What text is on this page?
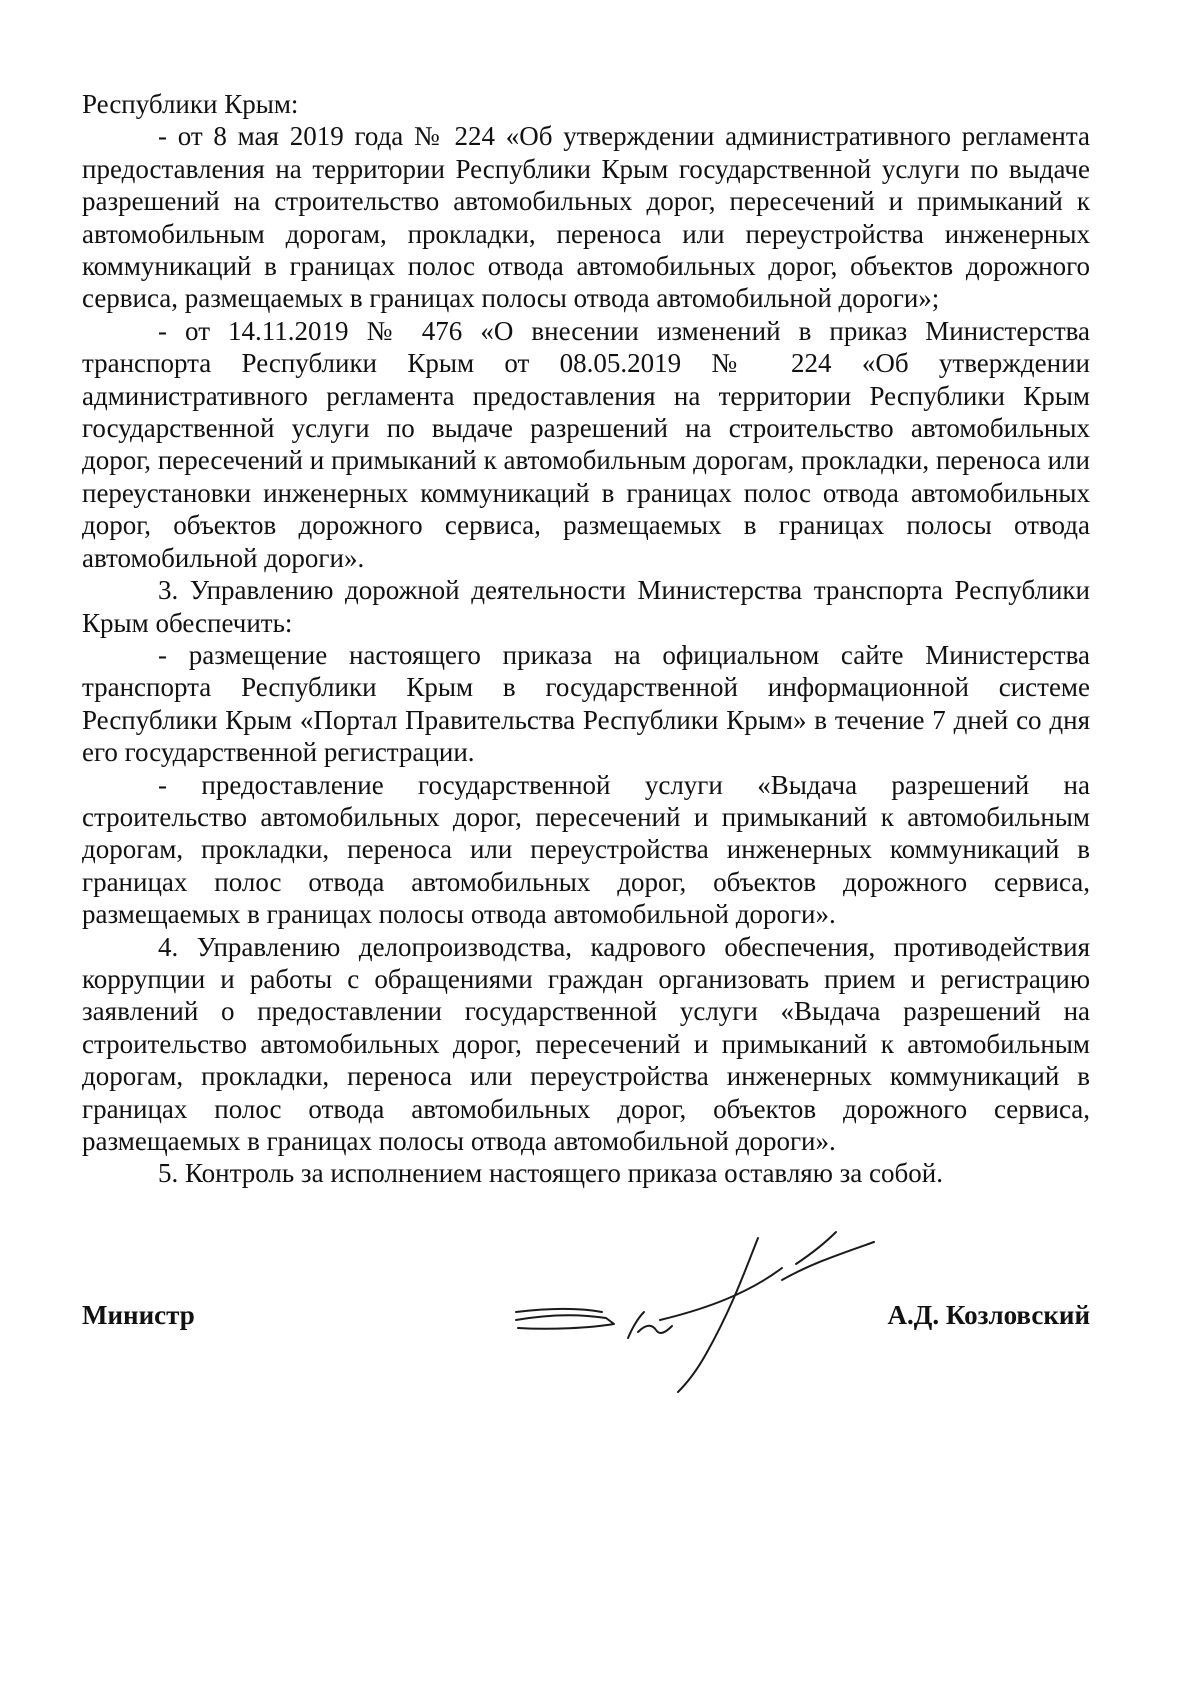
Республики Крым:

- от 8 мая 2019 года № 224 «Об утверждении административного регламента предоставления на территории Республики Крым государственной услуги по выдаче разрешений на строительство автомобильных дорог, пересечений и примыканий к автомобильным дорогам, прокладки, переноса или переустройства инженерных коммуникаций в границах полос отвода автомобильных дорог, объектов дорожного сервиса, размещаемых в границах полосы отвода автомобильной дороги»;

- от 14.11.2019 № 476 «О внесении изменений в приказ Министерства транспорта Республики Крым от 08.05.2019 № 224 «Об утверждении административного регламента предоставления на территории Республики Крым государственной услуги по выдаче разрешений на строительство автомобильных дорог, пересечений и примыканий к автомобильным дорогам, прокладки, переноса или переустановки инженерных коммуникаций в границах полос отвода автомобильных дорог, объектов дорожного сервиса, размещаемых в границах полосы отвода автомобильной дороги».

3. Управлению дорожной деятельности Министерства транспорта Республики Крым обеспечить:

- размещение настоящего приказа на официальном сайте Министерства транспорта Республики Крым в государственной информационной системе Республики Крым «Портал Правительства Республики Крым» в течение 7 дней со дня его государственной регистрации.

- предоставление государственной услуги «Выдача разрешений на строительство автомобильных дорог, пересечений и примыканий к автомобильным дорогам, прокладки, переноса или переустройства инженерных коммуникаций в границах полос отвода автомобильных дорог, объектов дорожного сервиса, размещаемых в границах полосы отвода автомобильной дороги».

4. Управлению делопроизводства, кадрового обеспечения, противодействия коррупции и работы с обращениями граждан организовать прием и регистрацию заявлений о предоставлении государственной услуги «Выдача разрешений на строительство автомобильных дорог, пересечений и примыканий к автомобильным дорогам, прокладки, переноса или переустройства инженерных коммуникаций в границах полос отвода автомобильных дорог, объектов дорожного сервиса, размещаемых в границах полосы отвода автомобильной дороги».

5. Контроль за исполнением настоящего приказа оставляю за собой.

Министр	А.Д. Козловский
